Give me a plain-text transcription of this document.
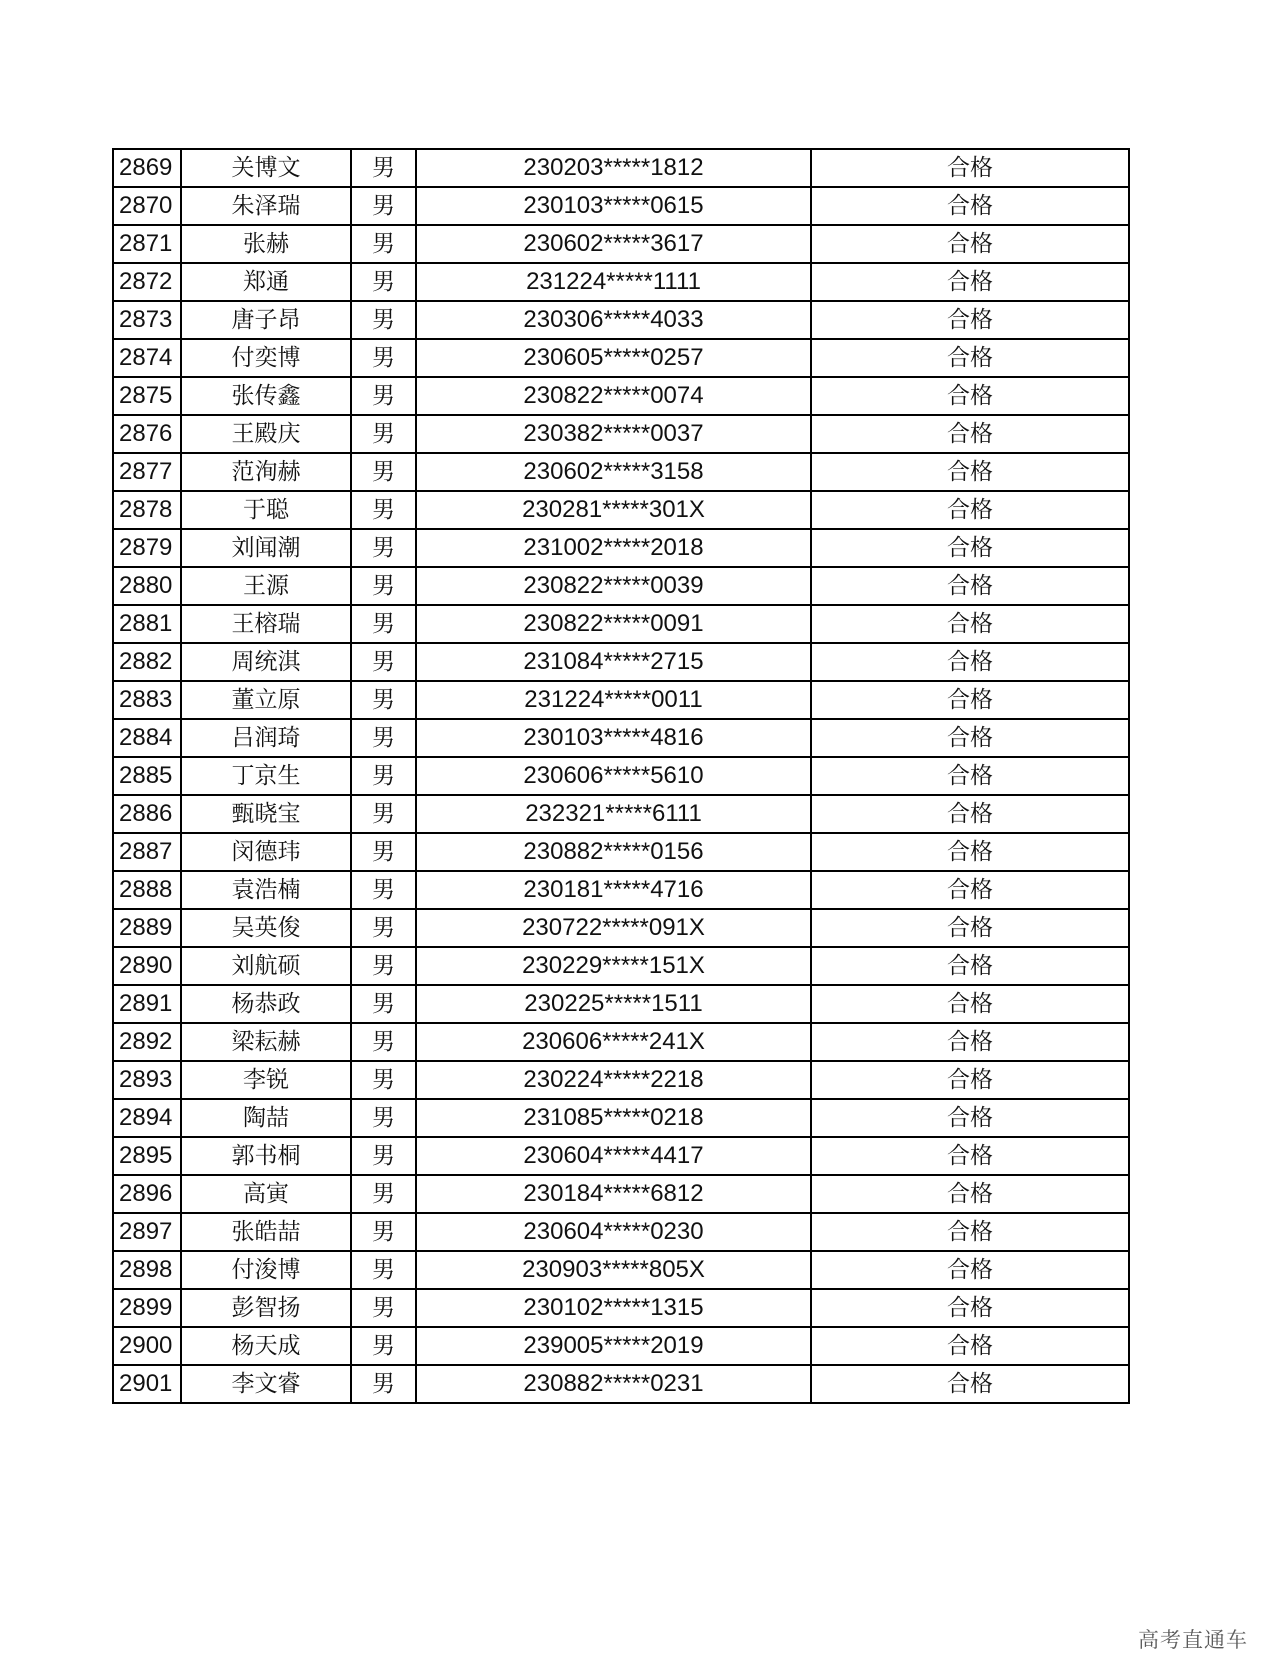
2869	关博文	男	230203*****1812	合格
2870	朱泽瑞	男	230103*****0615	合格
2871	张赫	男	230602*****3617	合格
2872	郑通	男	231224*****1111	合格
2873	唐子昂	男	230306*****4033	合格
2874	付奕博	男	230605*****0257	合格
2875	张传鑫	男	230822*****0074	合格
2876	王殿庆	男	230382*****0037	合格
2877	范洵赫	男	230602*****3158	合格
2878	于聪	男	230281*****301X	合格
2879	刘闻潮	男	231002*****2018	合格
2880	王源	男	230822*****0039	合格
2881	王榕瑞	男	230822*****0091	合格
2882	周统淇	男	231084*****2715	合格
2883	董立原	男	231224*****0011	合格
2884	吕润琦	男	230103*****4816	合格
2885	丁京生	男	230606*****5610	合格
2886	甄晓宝	男	232321*****6111	合格
2887	闵德玮	男	230882*****0156	合格
2888	袁浩楠	男	230181*****4716	合格
2889	吴英俊	男	230722*****091X	合格
2890	刘航硕	男	230229*****151X	合格
2891	杨恭政	男	230225*****1511	合格
2892	梁耘赫	男	230606*****241X	合格
2893	李锐	男	230224*****2218	合格
2894	陶喆	男	231085*****0218	合格
2895	郭书桐	男	230604*****4417	合格
2896	高寅	男	230184*****6812	合格
2897	张皓喆	男	230604*****0230	合格
2898	付浚博	男	230903*****805X	合格
2899	彭智扬	男	230102*****1315	合格
2900	杨天成	男	239005*****2019	合格
2901	李文睿	男	230882*****0231	合格
高考直通车
